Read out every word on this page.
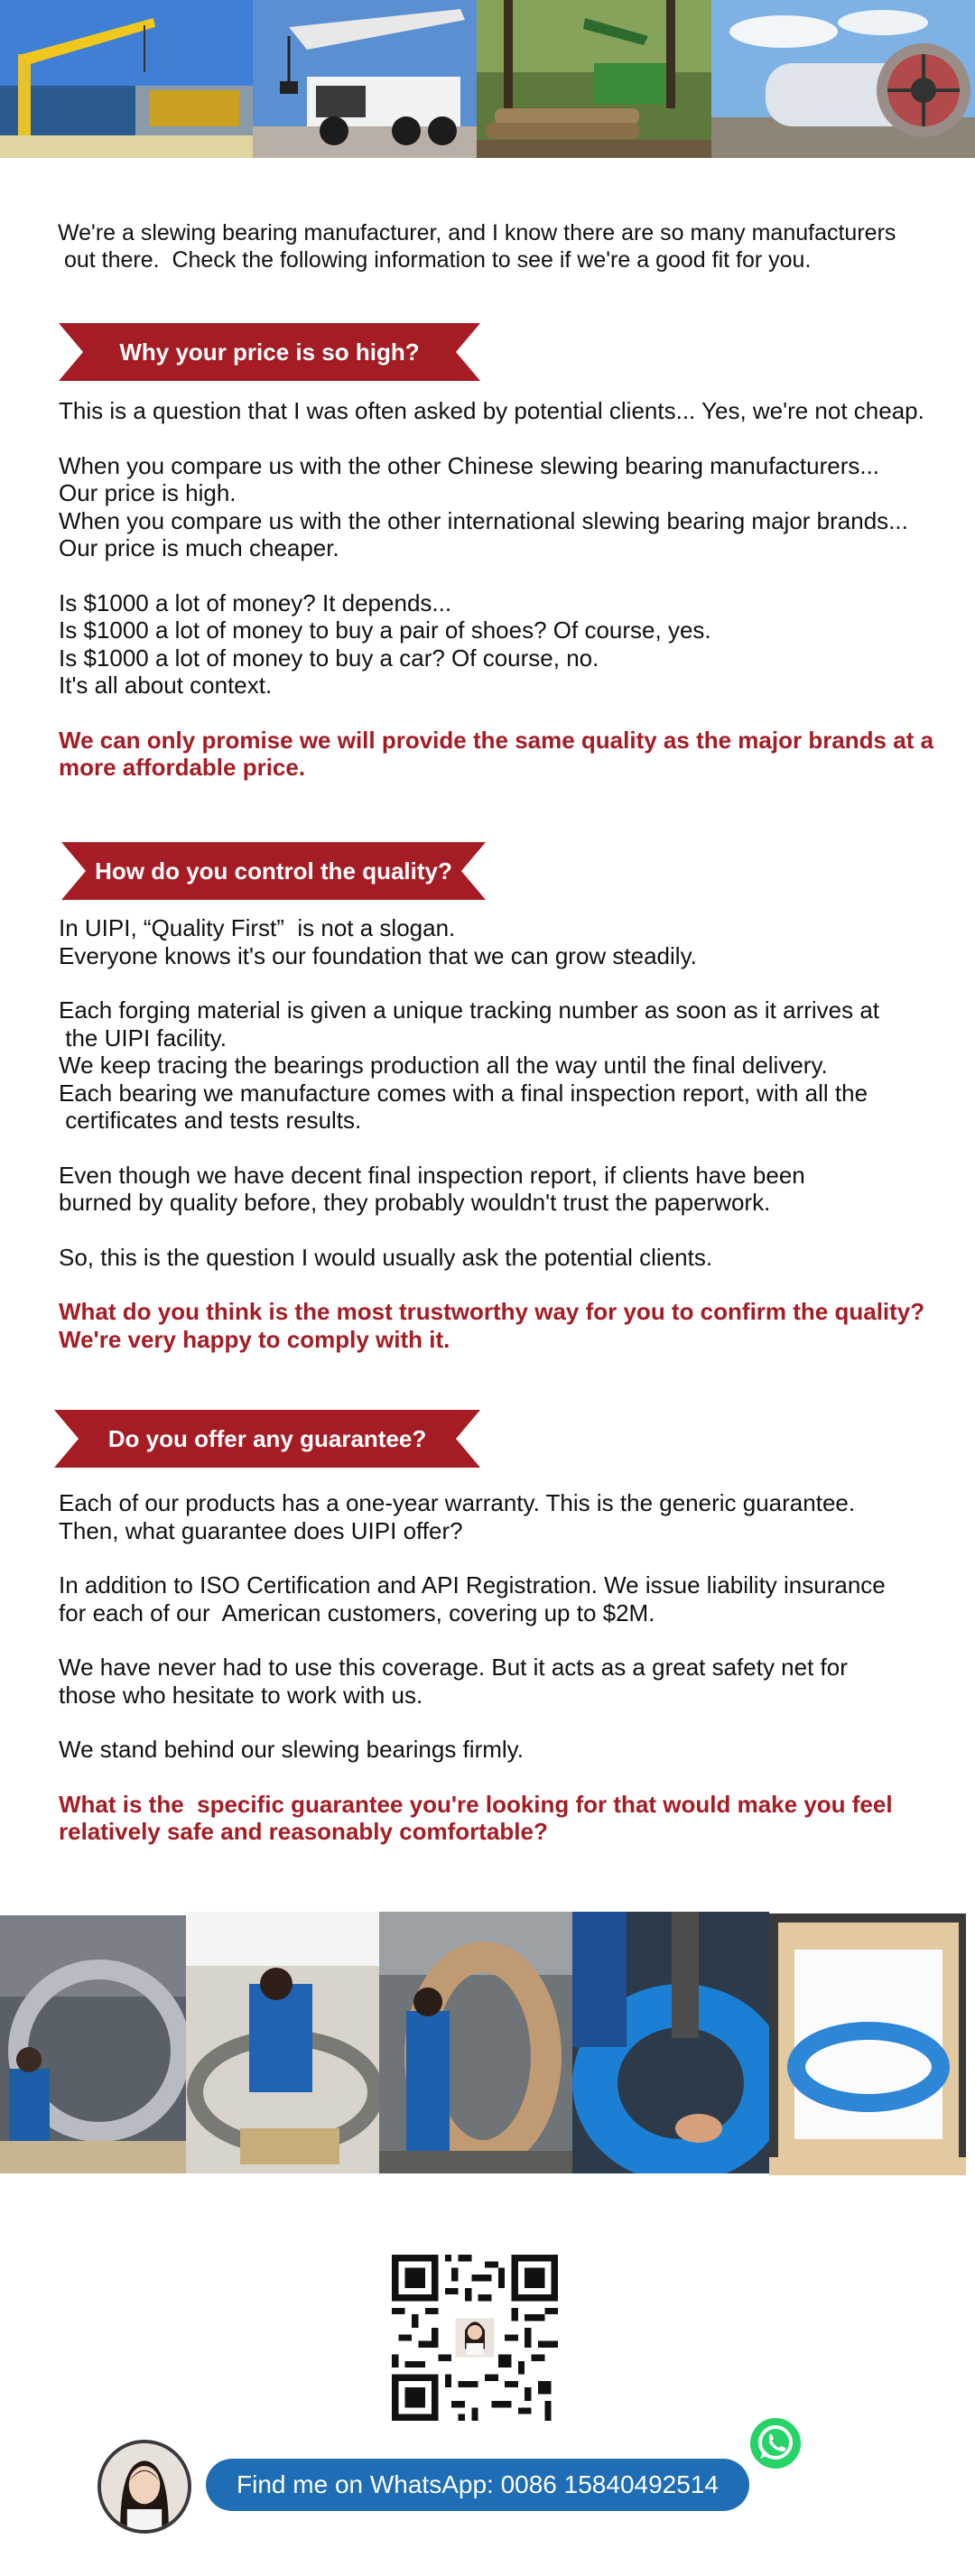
We're a slewing bearing manufacturer, and I know there are so many manufacturers

out there.  Check the following information to see if we're a good fit for you.

Why your price is so high?

This is a question that I was often asked by potential clients... Yes, we're not cheap.

When you compare us with the other Chinese slewing bearing manufacturers...

Our price is high.

When you compare us with the other international slewing bearing major brands...

Our price is much cheaper.

Is $1000 a lot of money? It depends...

Is $1000 a lot of money to buy a pair of shoes? Of course, yes.

Is $1000 a lot of money to buy a car? Of course, no.

It's all about context.

We can only promise we will provide the same quality as the major brands at a

more affordable price.

How do you control the quality?

In UIPI, “Quality First”  is not a slogan.

Everyone knows it's our foundation that we can grow steadily.

Each forging material is given a unique tracking number as soon as it arrives at

the UIPI facility.

We keep tracing the bearings production all the way until the final delivery.

Each bearing we manufacture comes with a final inspection report, with all the

certificates and tests results.

Even though we have decent final inspection report, if clients have been

burned by quality before, they probably wouldn't trust the paperwork.

So, this is the question I would usually ask the potential clients.

What do you think is the most trustworthy way for you to confirm the quality?

We're very happy to comply with it.

Do you offer any guarantee?

Each of our products has a one-year warranty. This is the generic guarantee.

Then, what guarantee does UIPI offer?

In addition to ISO Certification and API Registration. We issue liability insurance

for each of our  American customers, covering up to $2M.

We have never had to use this coverage. But it acts as a great safety net for

those who hesitate to work with us.

We stand behind our slewing bearings firmly.

What is the  specific guarantee you're looking for that would make you feel

relatively safe and reasonably comfortable?

Find me on WhatsApp: 0086 15840492514
